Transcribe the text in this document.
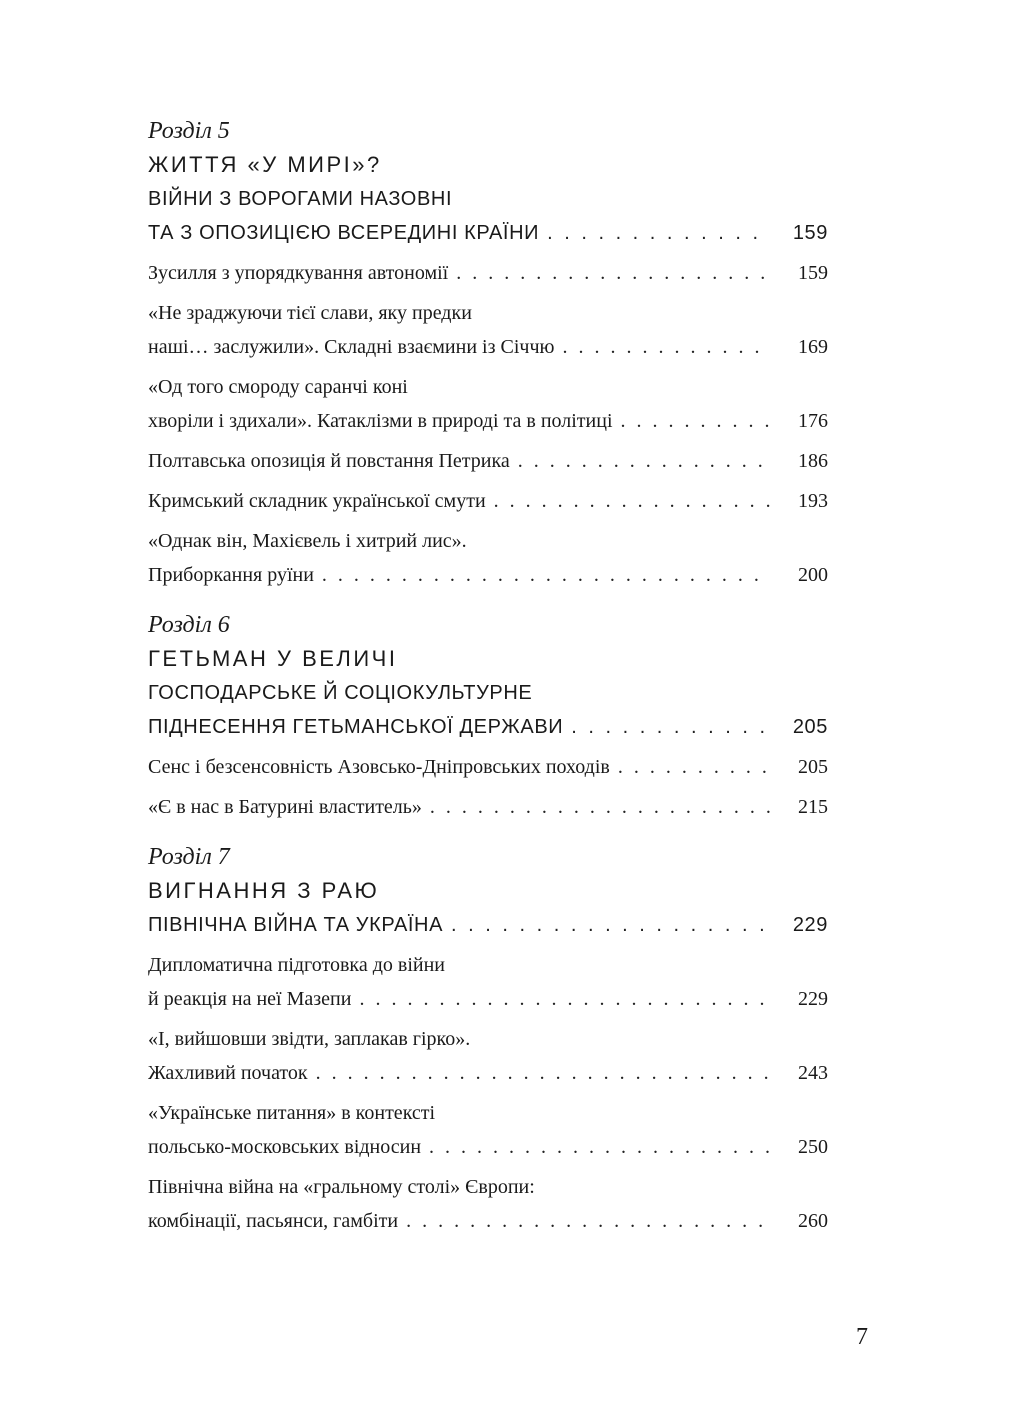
Розділ 5
ЖИТТЯ «У МИРІ»?
ВІЙНИ З ВОРОГАМИ НАЗОВНІ
ТА З ОПОЗИЦІЄЮ ВСЕРЕДИНІ КРАЇНИ . . .	159
Зусилля з упорядкування автономії . . .	159
«Не зраджуючи тієї слави, яку предки
наші… заслужили». Складні взаємини із Січчю . . .	169
«Од того смороду саранчі коні
хворіли і здихали». Катаклізми в природі та в політиці . . .	176
Полтавська опозиція й повстання Петрика . . .	186
Кримський складник української смути . . .	193
«Однак він, Махієвель і хитрий лис».
Приборкання руїни . . .	200
Розділ 6
ГЕТЬМАН У ВЕЛИЧІ
ГОСПОДАРСЬКЕ Й СОЦІОКУЛЬТУРНЕ
ПІДНЕСЕННЯ ГЕТЬМАНСЬКОЇ ДЕРЖАВИ . . .	205
Сенс і безсенсовність Азовсько-Дніпровських походів . . .	205
«Є в нас в Батурині властитель» . . .	215
Розділ 7
ВИГНАННЯ З РАЮ
ПІВНІЧНА ВІЙНА ТА УКРАЇНА . . .	229
Дипломатична підготовка до війни
й реакція на неї Мазепи . . .	229
«І, вийшовши звідти, заплакав гірко».
Жахливий початок . . .	243
«Українське питання» в контексті
польсько-московських відносин . . .	250
Північна війна на «гральному столі» Європи:
комбінації, пасьянси, гамбіти . . .	260
7
